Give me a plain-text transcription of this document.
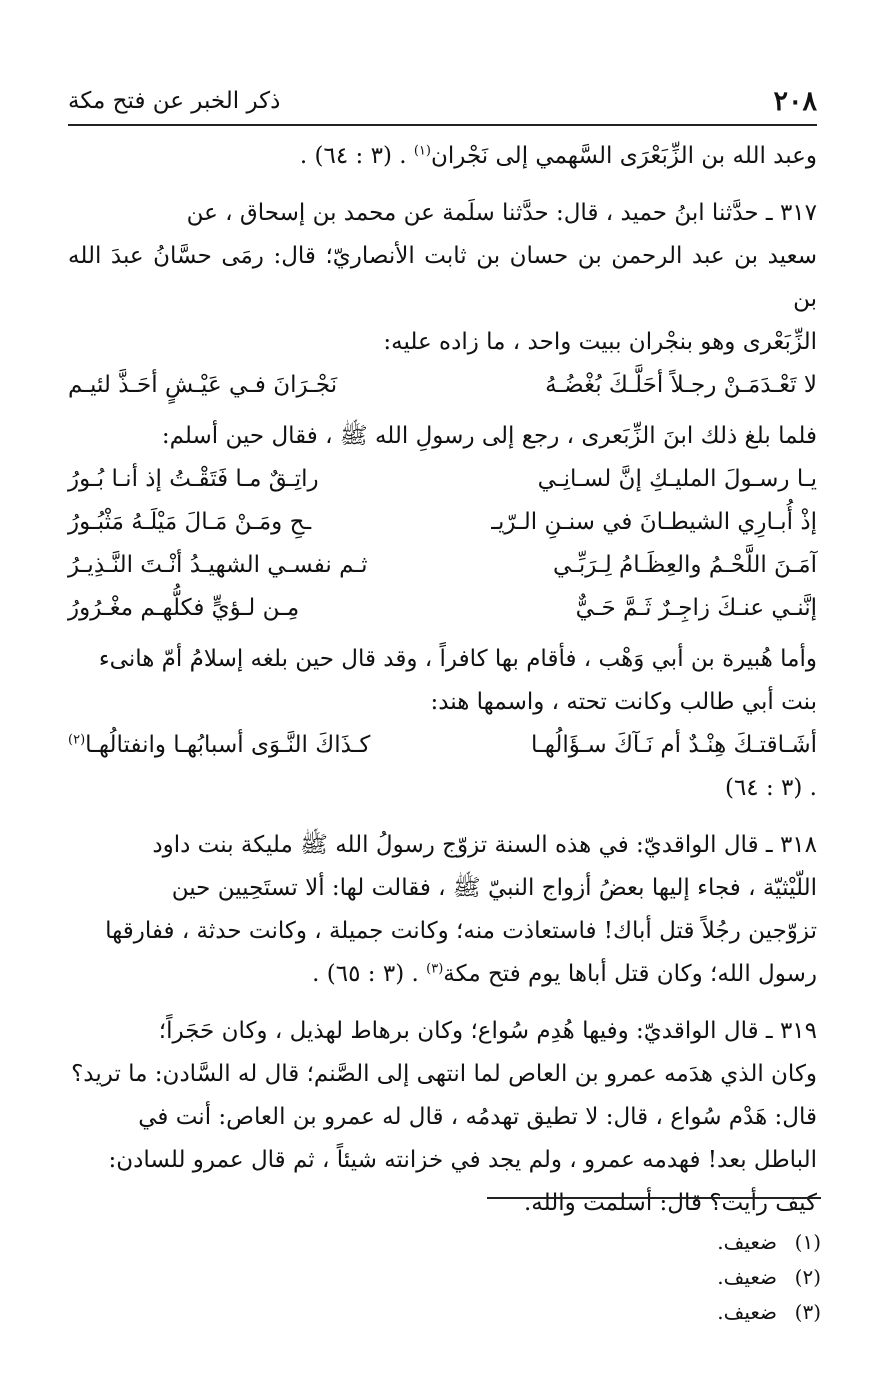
٢٠٨
ذكر الخبر عن فتح مكة

وعبد الله بن الزِّبَعْرَى السَّهمي إلى نَجْران$^{(١)}$ . (٣ : ٦٤) .

٣١٧ ـ حدَّثنا ابنُ حميد ، قال: حدَّثنا سلَمة عن محمد بن إسحاق ، عن

سعيد بن عبد الرحمن بن حسان بن ثابت الأنصاريّ؛ قال: رمَى حسَّانُ عبدَ الله بن

الزِّبَعْرى وهو بنجْران ببيت واحد ، ما زاده عليه:

لا تَعْـدَمَـنْ رجـلاً أحَلَّـكَ بُغْضُـهُ
نَجْـرَانَ فـي عَيْـشٍ أحَـذَّ لئيـم

فلما بلغ ذلك ابنَ الزِّبَعرى ، رجع إلى رسولِ الله ﷺ ، فقال حين أسلم:

يـا رسـولَ المليـكِ إنَّ لسـانِـي
راتِـقٌ مـا فَتَقْـتُ إذ أنـا بُـورُ
إذْ أُبـارِي الشيطـانَ في سنـنِ الـرّيـ
ـحِ ومَـنْ مَـالَ مَيْلَـهُ مَثْبُـورُ
آمَـنَ اللَّحْـمُ والعِظَـامُ لِـرَبِّـي
ثـم نفسـي الشهيـدُ أنْـتَ النَّـذِيـرُ
إنَّنـي عنـكَ زاجِـرٌ ثَـمَّ حَـيٌّ
مِـن لـؤيٍّ فكلُّهـم مغْـرُورُ

وأما هُبيرة بن أبي وَهْب ، فأقام بها كافراً ، وقد قال حين بلغه إسلامُ أمّ هانىء

بنت أبي طالب وكانت تحته ، واسمها هند:

أشَـاقتـكَ هِنْـدٌ أم نَـآكَ سـؤَالُهـا
كـذَاكَ النَّـوَى أسبابُهـا وانفتالُهـا$^{(٢)}$

. (٣ : ٦٤)

٣١٨ ـ قال الواقديّ: في هذه السنة تزوّج رسولُ الله ﷺ مليكة بنت داود

اللّيْثيّة ، فجاء إليها بعضُ أزواج النبيّ ﷺ ، فقالت لها: ألا تستَحِيين حين

تزوّجين رجُلاً قتل أباك! فاستعاذت منه؛ وكانت جميلة ، وكانت حدثة ، ففارقها

رسول الله؛ وكان قتل أباها يوم فتح مكة$^{(٣)}$ . (٣ : ٦٥) .

٣١٩ ـ قال الواقديّ: وفيها هُدِم سُواع؛ وكان برهاط لهذيل ، وكان حَجَراً؛

وكان الذي هدَمه عمرو بن العاص لما انتهى إلى الصَّنم؛ قال له السَّادن: ما تريد؟

قال: هَدْم سُواع ، قال: لا تطيق تهدمُه ، قال له عمرو بن العاص: أنت في

الباطل بعد! فهدمه عمرو ، ولم يجد في خزانته شيئاً ، ثم قال عمرو للسادن:

كيف رأيت؟ قال: أسلمت والله.

(١)ضعيف.
(٢)ضعيف.
(٣)ضعيف.
